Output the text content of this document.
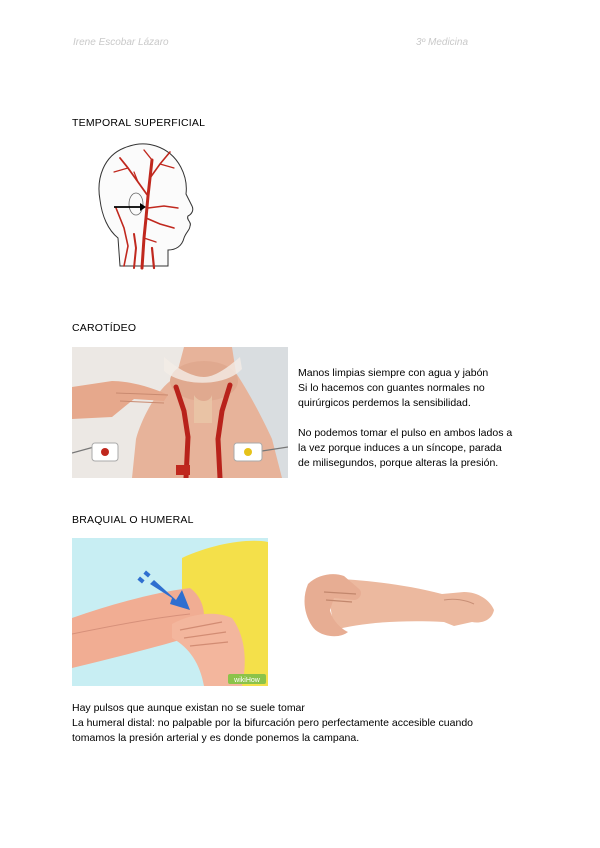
Irene Escobar Lázaro	3º Medicina
TEMPORAL SUPERFICIAL
CAROTÍDEO

Manos limpias siempre con agua y jabón

Si lo hacemos con guantes normales no

quirúrgicos perdemos la sensibilidad.

No podemos tomar el pulso en ambos lados a

la vez porque induces a un síncope, parada

de milisegundos, porque alteras la presión.

BRAQUIAL O HUMERAL
wikiHow

Hay pulsos que aunque existan no se suele tomar

La humeral distal: no palpable por la bifurcación pero perfectamente accesible cuando

tomamos la presión arterial y es donde ponemos la campana.
